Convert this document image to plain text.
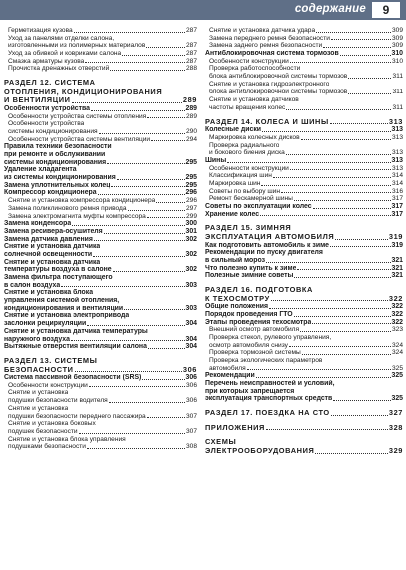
содержание	9
Герметизация кузова	287
Уход за панелями отделки салона,
изготовленными из полимерных материалов	287
Уход за обивкой и ковриками салона	287
Смазка арматуры кузова	287
Прочистка дренажных отверстий	288
РАЗДЕЛ 12. СИСТЕМА
ОТОПЛЕНИЯ, КОНДИЦИОНИРОВАНИЯ
И ВЕНТИЛЯЦИИ	289
Особенности устройства	289
Особенности устройства системы отопления	289
Особенности устройства
системы кондиционирования	290
Особенности устройства системы вентиляции	294
Правила техники безопасности
при ремонте и обслуживании
системы кондиционирования	295
Удаление хладагента
из системы кондиционирования	295
Замена уплотнительных колец	295
Компрессор кондиционера	296
Снятие и установка компрессора кондиционера	296
Замена поликлинового ремня привода	297
Замена электромагнита муфты компрессора	299
Замена конденсора	300
Замена ресивера-осушителя	301
Замена датчика давления	302
Снятие и установка датчика
солнечной освещенности	302
Снятие и установка датчика
температуры воздуха в салоне	302
Замена фильтра поступающего
в салон воздуха	303
Снятие и установка блока
управления системой отопления,
кондиционирования и вентиляции	303
Снятие и установка электропривода
заслонки рециркуляции	304
Снятие и установка датчика температуры
наружного воздуха	304
Вытяжные отверстия вентиляции салона	304
РАЗДЕЛ 13. СИСТЕМЫ
БЕЗОПАСНОСТИ	306
Система пассивной безопасности (SRS)	306
Особенности конструкции	306
Снятие и установка
подушки безопасности водителя	306
Снятие и установка
подушки безопасности переднего пассажира	307
Снятие и установка боковых
подушек безопасности	307
Снятие и установка блока управления
подушками безопасности	308
Снятие и установка датчика удара	309
Замена переднего ремня безопасности	309
Замена заднего ремня безопасности	309
Антиблокировочная система тормозов	310
Особенности конструкции	310
Проверка работоспособности
блока антиблокировочной системы тормозов	311
Снятие и установка гидроэлектронного
блока антиблокировочной системы тормозов	311
Снятие и установка датчиков
частоты вращения колес	311
РАЗДЕЛ 14. КОЛЕСА И ШИНЫ	313
Колесные диски	313
Маркировка колесных дисков	313
Проверка радиального
и бокового биения диска	313
Шины	313
Особенности конструкции	313
Классификация шин	314
Маркировка шин	314
Советы по выбору шин	316
Ремонт бескамерной шины	317
Советы по эксплуатации колес	317
Хранение колес	317
РАЗДЕЛ 15. ЗИМНЯЯ
ЭКСПЛУАТАЦИЯ АВТОМОБИЛЯ	319
Как подготовить автомобиль к зиме	319
Рекомендации по пуску двигателя
в сильный мороз	321
Что полезно купить к зиме	321
Полезные зимние советы	321
РАЗДЕЛ 16. ПОДГОТОВКА
К ТЕХОСМОТРУ	322
Общие положения	322
Порядок проведения ГТО	322
Этапы проведения техосмотра	322
Внешний осмотр автомобиля	323
Проверка стекол, рулевого управления,
осмотр автомобиля снизу	324
Проверка тормозной системы	324
Проверка экологических параметров
автомобиля	325
Рекомендации	325
Перечень неисправностей и условий,
при которых запрещается
эксплуатация транспортных средств	325
РАЗДЕЛ 17. ПОЕЗДКА НА СТО	327
ПРИЛОЖЕНИЯ	328
СХЕМЫ
ЭЛЕКТРООБОРУДОВАНИЯ	329
